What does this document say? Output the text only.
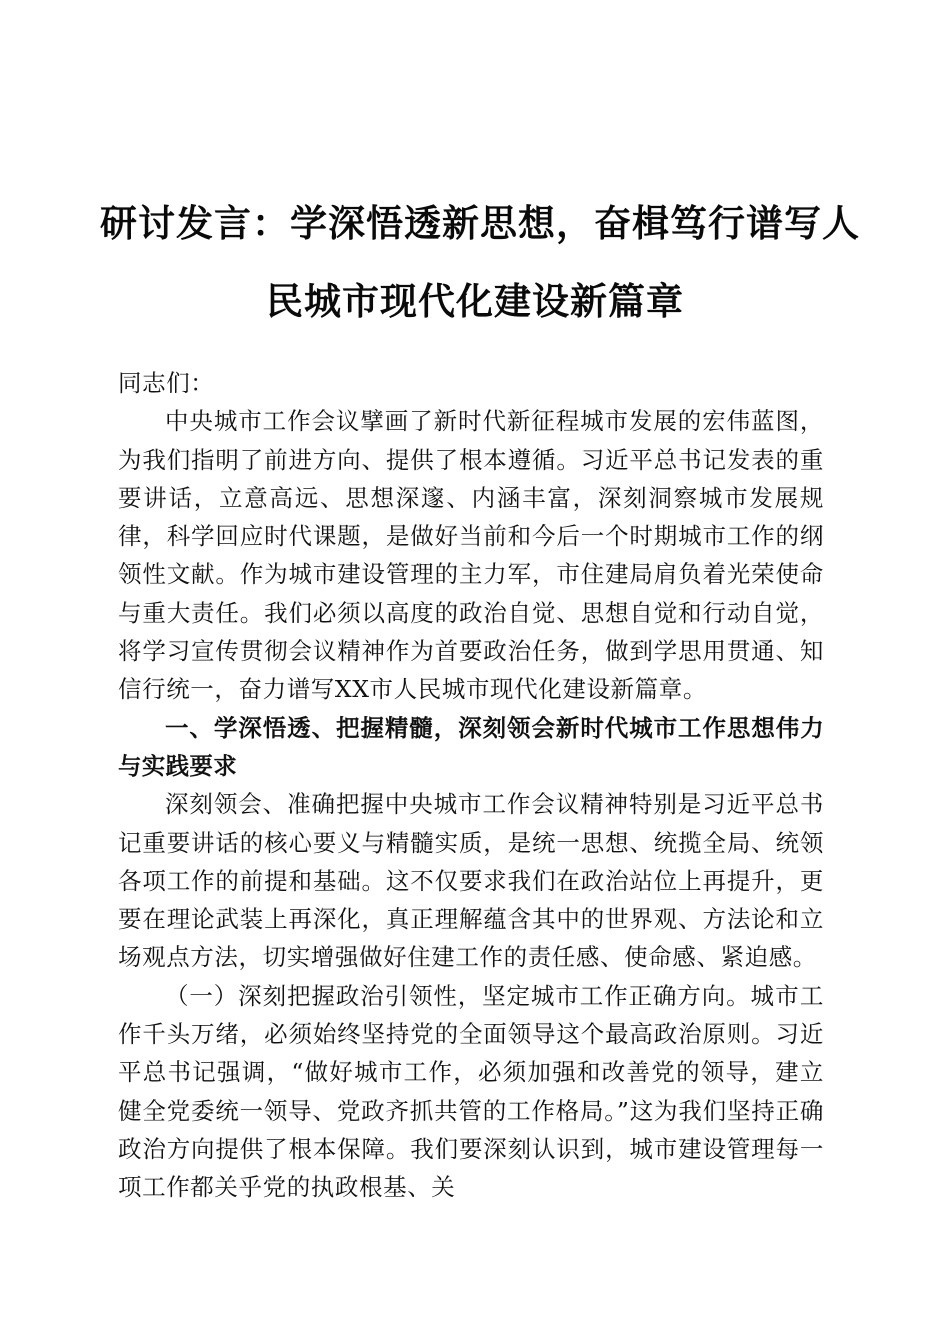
研讨发言：学深悟透新思想，奋楫笃行谱写人
民城市现代化建设新篇章

同志们：

中央城市工作会议擘画了新时代新征程城市发展的宏伟蓝图，为我们指明了前进方向、提供了根本遵循。习近平总书记发表的重要讲话，立意高远、思想深邃、内涵丰富，深刻洞察城市发展规律，科学回应时代课题，是做好当前和今后一个时期城市工作的纲领性文献。作为城市建设管理的主力军，市住建局肩负着光荣使命与重大责任。我们必须以高度的政治自觉、思想自觉和行动自觉，将学习宣传贯彻会议精神作为首要政治任务，做到学思用贯通、知信行统一，奋力谱写XX市人民城市现代化建设新篇章。

一、学深悟透、把握精髓，深刻领会新时代城市工作思想伟力与实践要求

深刻领会、准确把握中央城市工作会议精神特别是习近平总书记重要讲话的核心要义与精髓实质，是统一思想、统揽全局、统领各项工作的前提和基础。这不仅要求我们在政治站位上再提升，更要在理论武装上再深化，真正理解蕴含其中的世界观、方法论和立场观点方法，切实增强做好住建工作的责任感、使命感、紧迫感。

（一）深刻把握政治引领性，坚定城市工作正确方向。城市工作千头万绪，必须始终坚持党的全面领导这个最高政治原则。习近平总书记强调，“做好城市工作，必须加强和改善党的领导，建立健全党委统一领导、党政齐抓共管的工作格局。”这为我们坚持正确政治方向提供了根本保障。我们要深刻认识到，城市建设管理每一项工作都关乎党的执政根基、关
